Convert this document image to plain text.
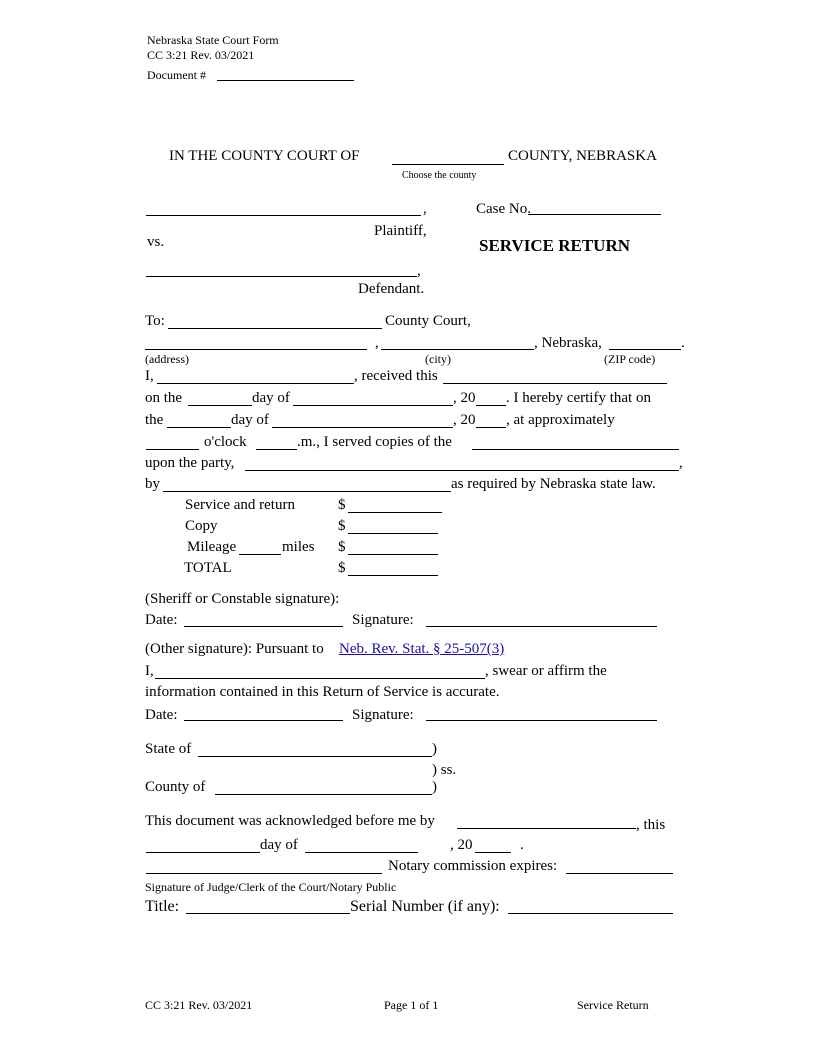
Nebraska State Court Form
CC 3:21 Rev. 03/2021
Document #
IN THE COUNTY COURT OF	COUNTY, NEBRASKA
Choose the county
,	Case No.
Plaintiff,
vs.	SERVICE RETURN
,
Defendant.
To:	County Court,
,	, Nebraska,	.
(address)	(city)	(ZIP code)
I,	, received this
on the	day of	, 20 . I hereby certify that on
the	day of	, 20 , at approximately
o'clock	.m., I served copies of the
upon the party,	,
by	as required by Nebraska state law.
Service and return	$
Copy	$
Mileage	miles $
TOTAL	$
(Sheriff or Constable signature):
Date:	Signature:
(Other signature): Pursuant to Neb. Rev. Stat. § 25-507(3)
I,	, swear or affirm the
information contained in this Return of Service is accurate.
Date:	Signature:
State of	)
) ss.
County of	)
This document was acknowledged before me by	, this
day of	, 20	.
Notary commission expires:
Signature of Judge/Clerk of the Court/Notary Public
Title:	Serial Number (if any):
CC 3:21 Rev. 03/2021	Page 1 of 1	Service Return
